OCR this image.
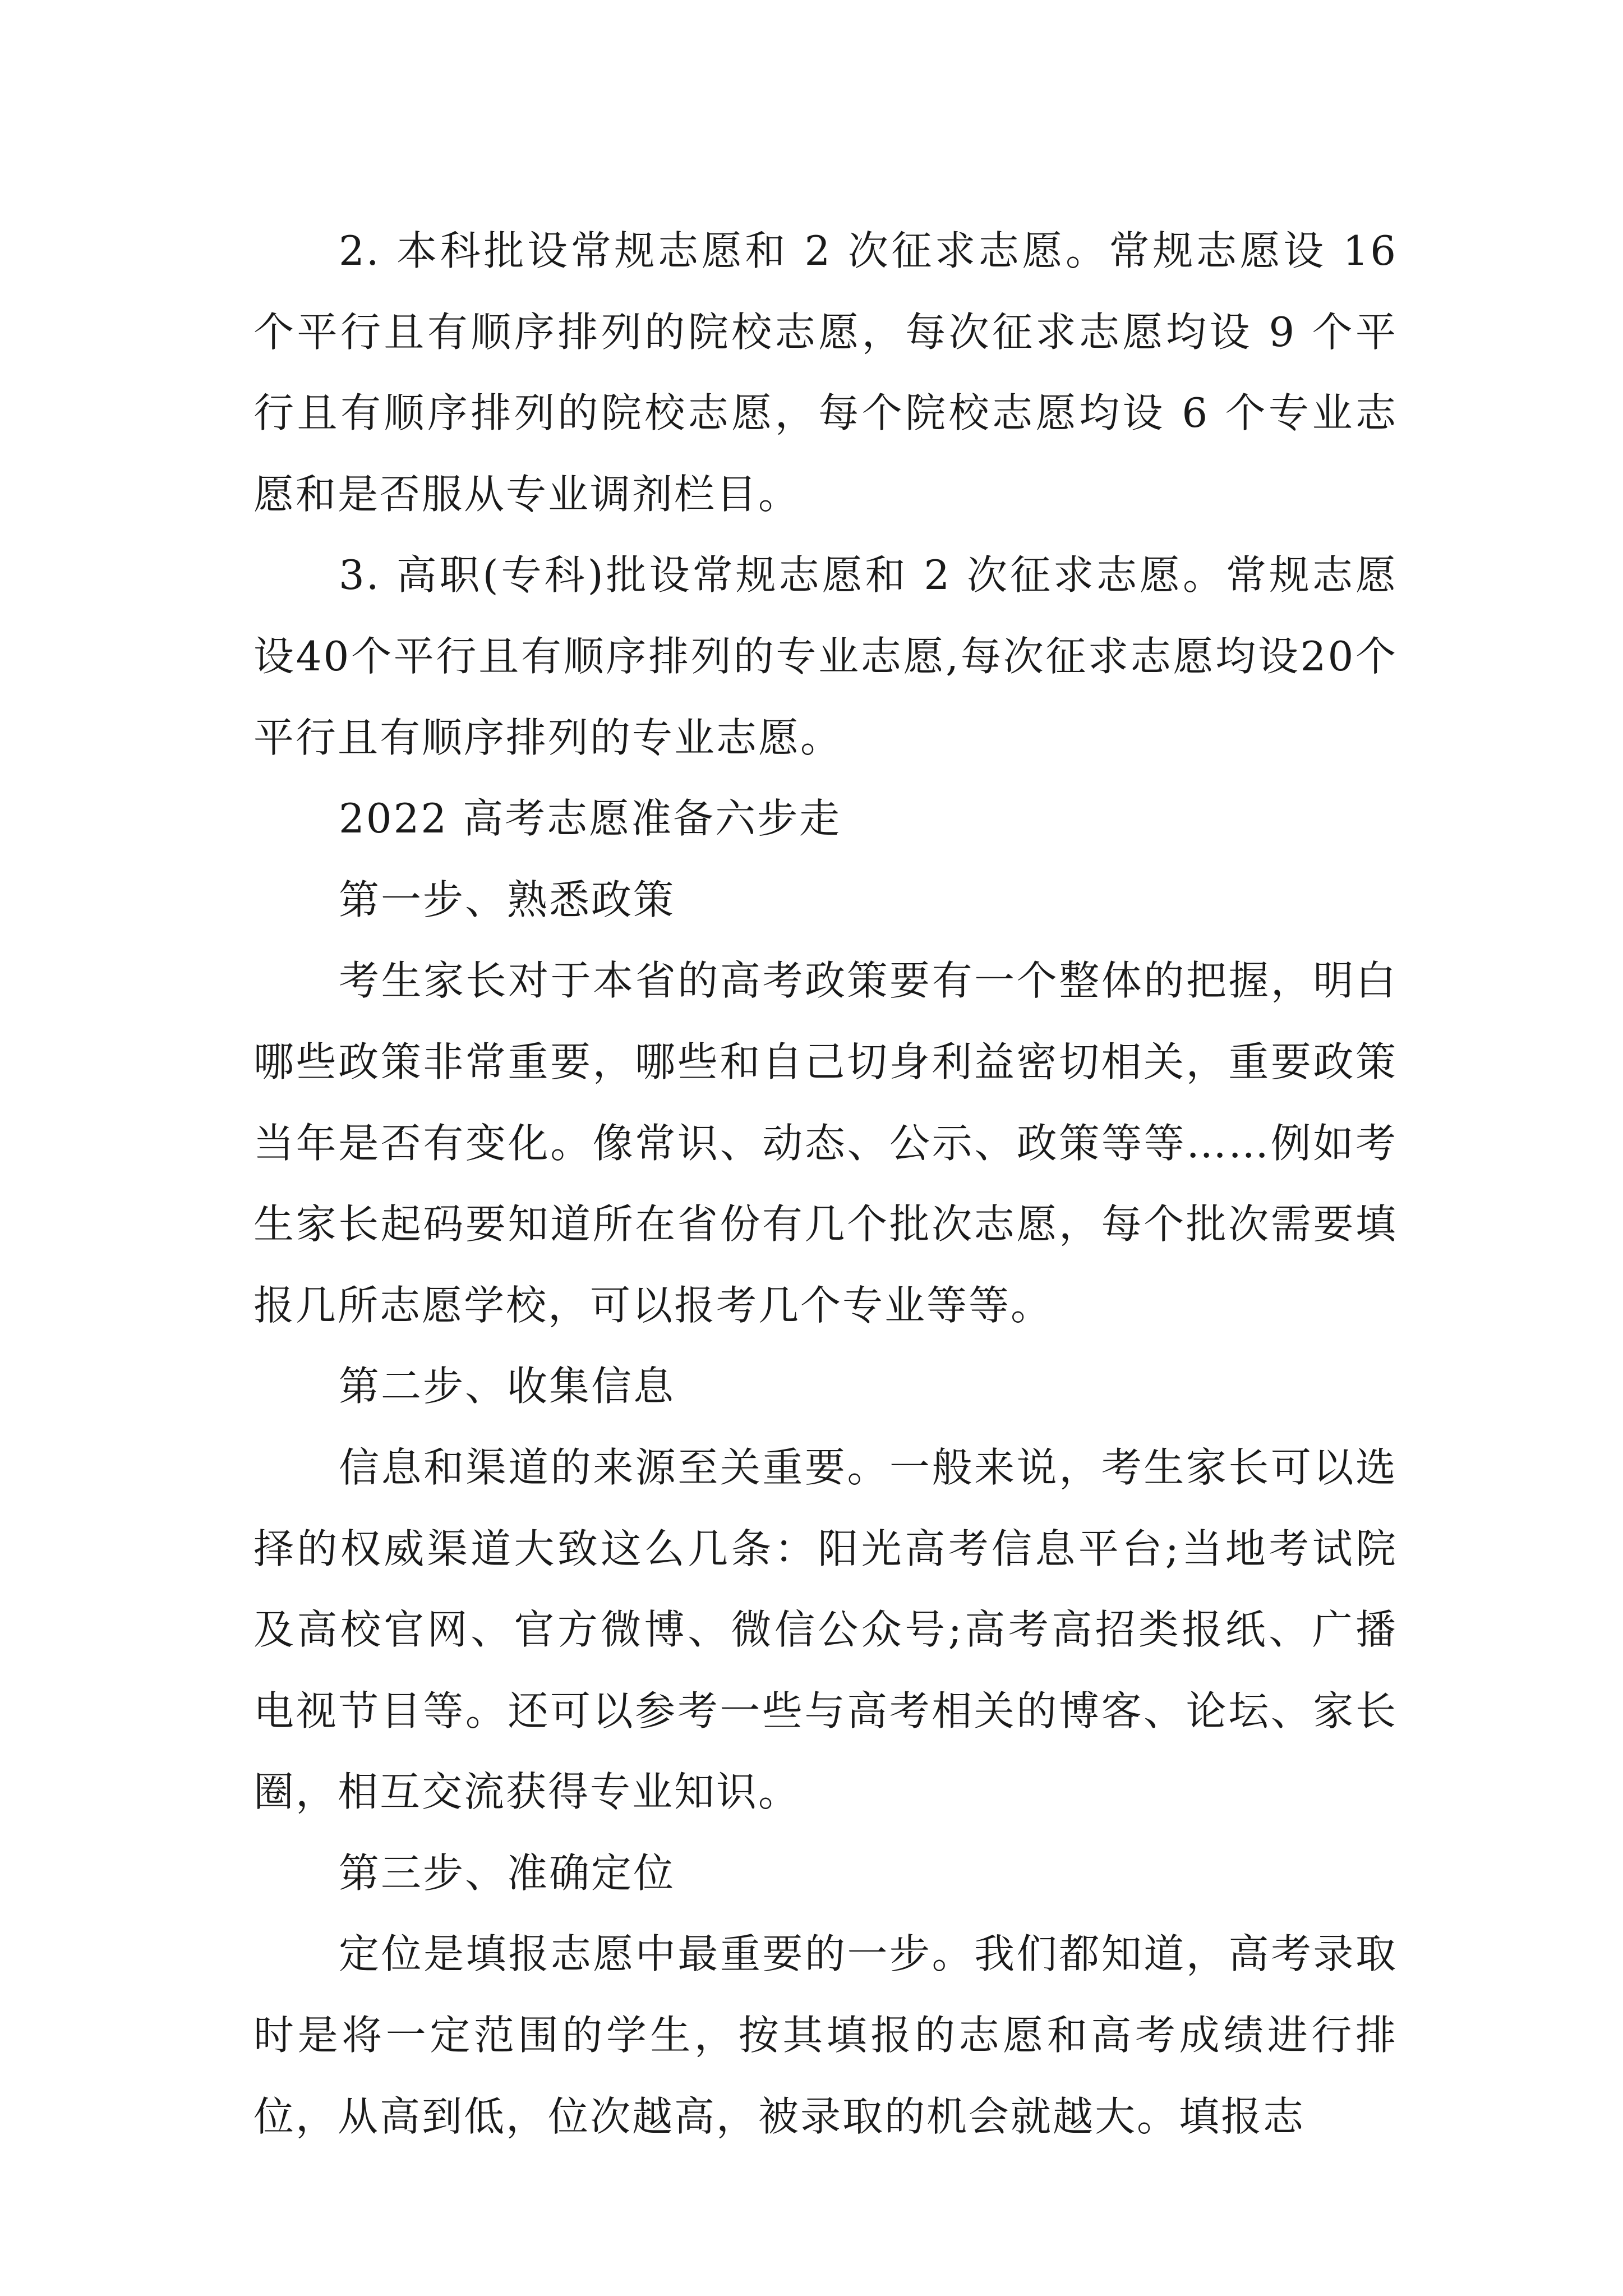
2. 本科批设常规志愿和 2 次征求志愿。常规志愿设 16 个平行且有顺序排列的院校志愿，每次征求志愿均设 9 个平行且有顺序排列的院校志愿，每个院校志愿均设 6 个专业志愿和是否服从专业调剂栏目。

3. 高职(专科)批设常规志愿和 2 次征求志愿。常规志愿设40个平行且有顺序排列的专业志愿,每次征求志愿均设20个平行且有顺序排列的专业志愿。

2022 高考志愿准备六步走

第一步、熟悉政策

考生家长对于本省的高考政策要有一个整体的把握，明白哪些政策非常重要，哪些和自己切身利益密切相关，重要政策当年是否有变化。像常识、动态、公示、政策等等……例如考生家长起码要知道所在省份有几个批次志愿，每个批次需要填报几所志愿学校，可以报考几个专业等等。

第二步、收集信息

信息和渠道的来源至关重要。一般来说，考生家长可以选择的权威渠道大致这么几条：阳光高考信息平台;当地考试院及高校官网、官方微博、微信公众号;高考高招类报纸、广播电视节目等。还可以参考一些与高考相关的博客、论坛、家长圈，相互交流获得专业知识。

第三步、准确定位

定位是填报志愿中最重要的一步。我们都知道，高考录取时是将一定范围的学生，按其填报的志愿和高考成绩进行排位，从高到低，位次越高，被录取的机会就越大。填报志
